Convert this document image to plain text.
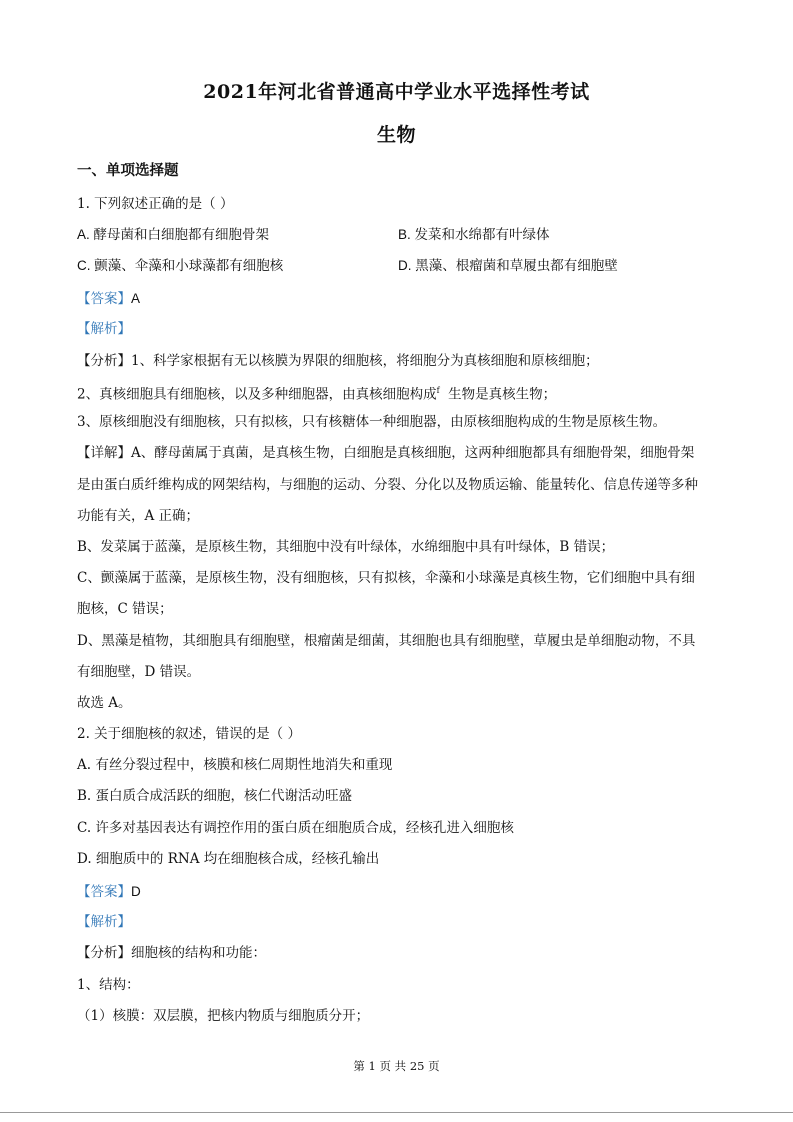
2021年河北省普通高中学业水平选择性考试
生物
一、单项选择题
1. 下列叙述正确的是（ ）
A. 酵母菌和白细胞都有细胞骨架	B. 发菜和水绵都有叶绿体
C. 颤藻、伞藻和小球藻都有细胞核	D. 黑藻、根瘤菌和草履虫都有细胞壁
【答案】A
【解析】
【分析】1、科学家根据有无以核膜为界限的细胞核，将细胞分为真核细胞和原核细胞；
2、真核细胞具有细胞核，以及多种细胞器，由真核细胞构成$^f$ 生物是真核生物；
3、原核细胞没有细胞核，只有拟核，只有核糖体一种细胞器，由原核细胞构成的生物是原核生物。
【详解】A、酵母菌属于真菌，是真核生物，白细胞是真核细胞，这两种细胞都具有细胞骨架，细胞骨架
是由蛋白质纤维构成的网架结构，与细胞的运动、分裂、分化以及物质运输、能量转化、信息传递等多种
功能有关，A 正确；
B、发菜属于蓝藻，是原核生物，其细胞中没有叶绿体，水绵细胞中具有叶绿体，B 错误；
C、颤藻属于蓝藻，是原核生物，没有细胞核，只有拟核，伞藻和小球藻是真核生物，它们细胞中具有细
胞核，C 错误；
D、黑藻是植物，其细胞具有细胞壁，根瘤菌是细菌，其细胞也具有细胞壁，草履虫是单细胞动物，不具
有细胞壁，D 错误。
故选 A。
2. 关于细胞核的叙述，错误的是（ ）
A. 有丝分裂过程中，核膜和核仁周期性地消失和重现
B. 蛋白质合成活跃的细胞，核仁代谢活动旺盛
C. 许多对基因表达有调控作用的蛋白质在细胞质合成，经核孔进入细胞核
D. 细胞质中的 RNA 均在细胞核合成，经核孔输出
【答案】D
【解析】
【分析】细胞核的结构和功能：
1、结构：
（1）核膜：双层膜，把核内物质与细胞质分开；
第 1 页 共 25 页
